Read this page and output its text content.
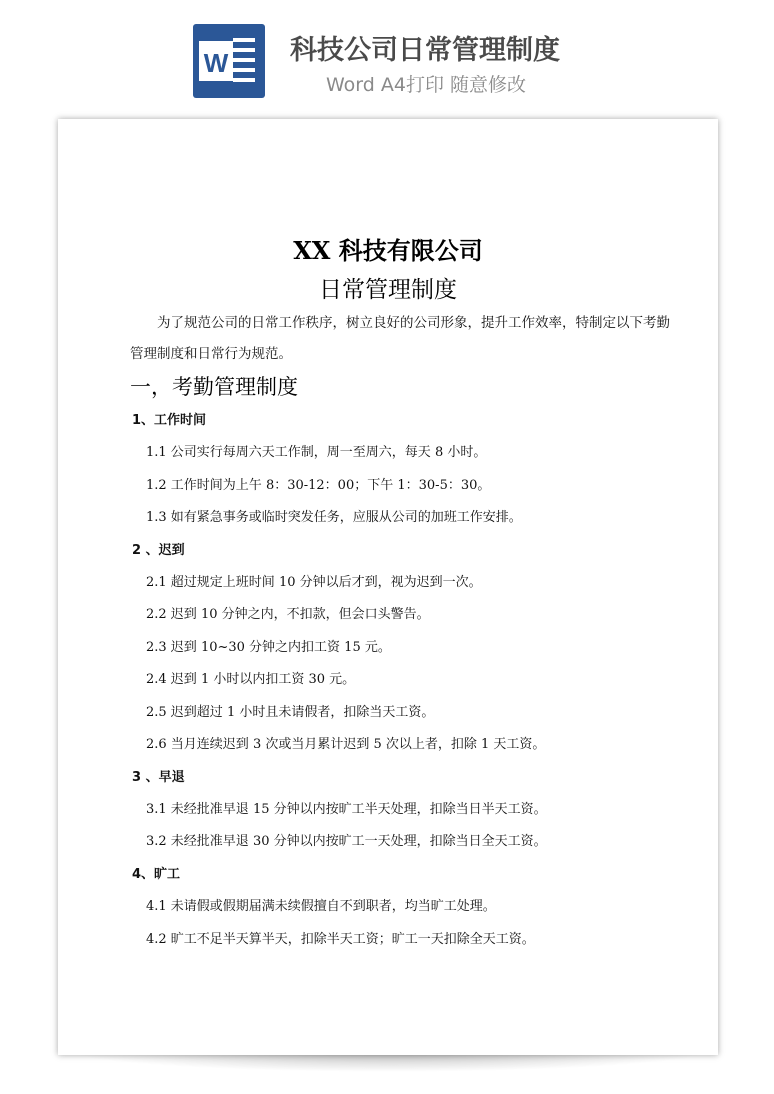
W 科技公司日常管理制度
Word A4打印 随意修改
XX 科技有限公司
日常管理制度
为了规范公司的日常工作秩序，树立良好的公司形象，提升工作效率，特制定以下考勤管理制度和日常行为规范。
一，考勤管理制度
1、工作时间
1.1 公司实行每周六天工作制，周一至周六，每天 8 小时。
1.2 工作时间为上午 8：30-12：00；下午 1：30-5：30。
1.3 如有紧急事务或临时突发任务，应服从公司的加班工作安排。
2 、迟到
2.1 超过规定上班时间 10 分钟以后才到，视为迟到一次。
2.2 迟到 10 分钟之内，不扣款，但会口头警告。
2.3 迟到 10~30 分钟之内扣工资 15 元。
2.4 迟到 1 小时以内扣工资 30 元。
2.5 迟到超过 1 小时且未请假者，扣除当天工资。
2.6 当月连续迟到 3 次或当月累计迟到 5 次以上者，扣除 1 天工资。
3 、早退
3.1 未经批准早退 15 分钟以内按旷工半天处理，扣除当日半天工资。
3.2 未经批准早退 30 分钟以内按旷工一天处理，扣除当日全天工资。
4、旷工
4.1 未请假或假期届满未续假擅自不到职者，均当旷工处理。
4.2 旷工不足半天算半天，扣除半天工资；旷工一天扣除全天工资。
